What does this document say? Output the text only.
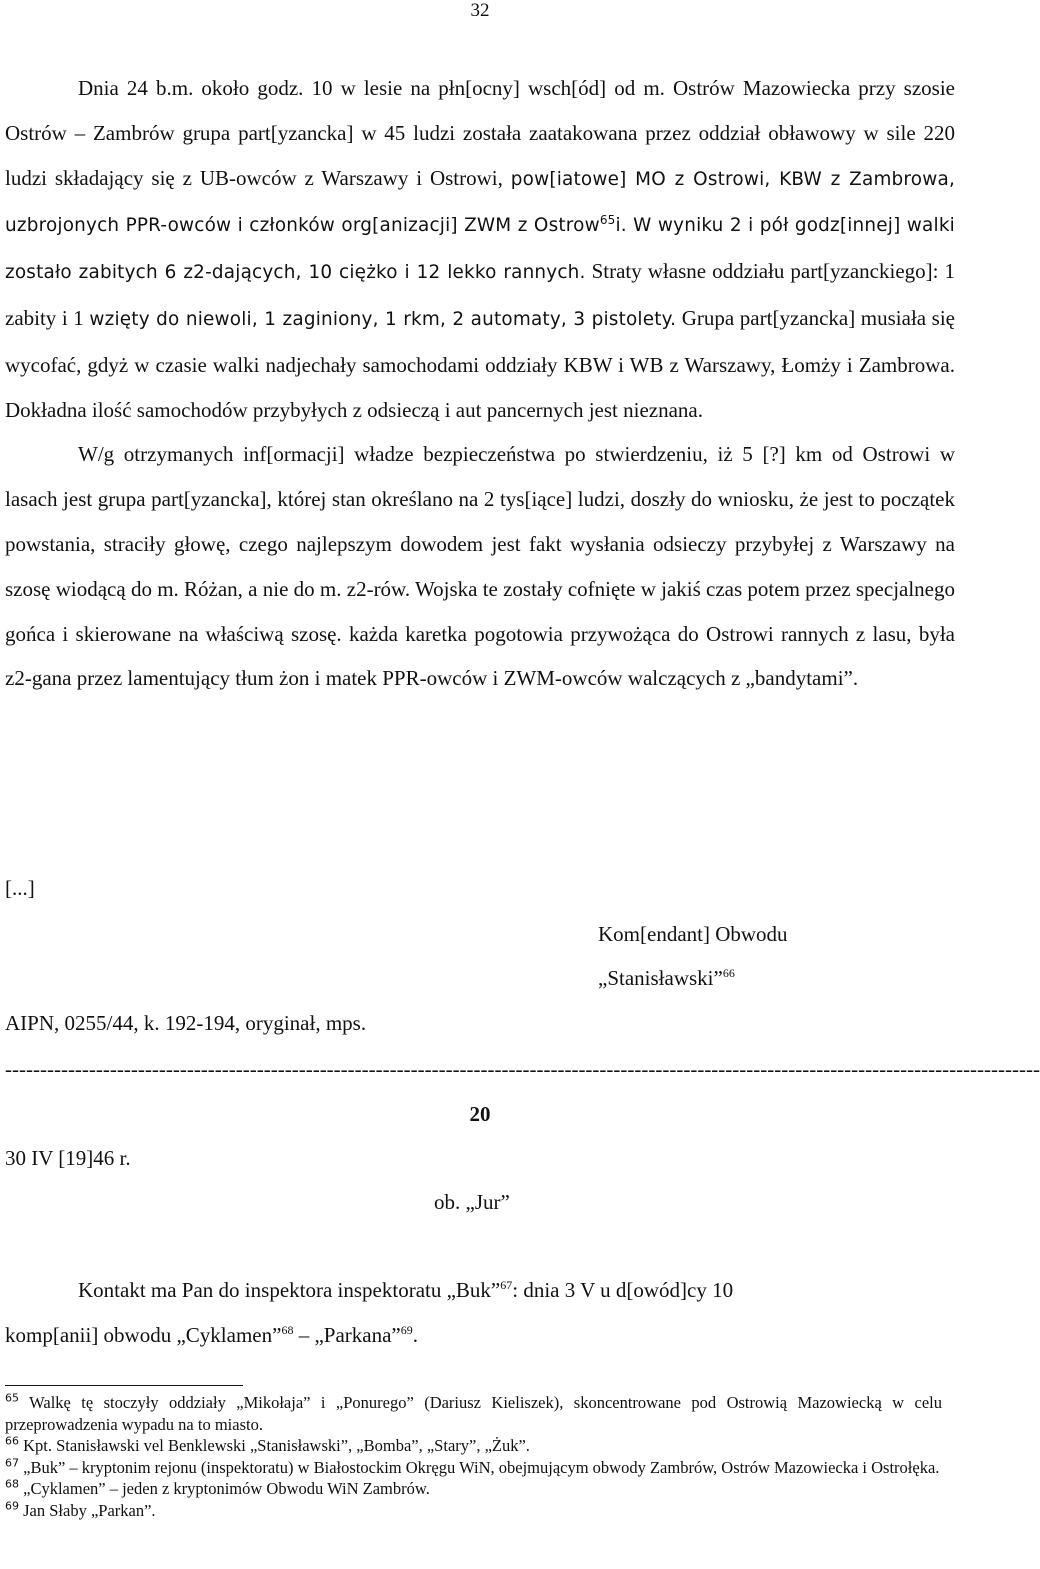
32

Dnia 24 b.m. około godz. 10 w lesie na płn[ocny] wsch[ód] od m. Ostrów Mazowiecka przy szosie Ostrów – Zambrów grupa part[yzancka] w 45 ludzi została zaatakowana przez oddział obławowy w sile 220 ludzi składający się z UB-owców z Warszawy i Ostrowi, pow[iatowe] MO z Ostrowi, KBW z Zambrowa, uzbrojonych PPR-owców i członków org[anizacji] ZWM z Ostrow$^{65}$i. W wyniku 2 i pół godz[innej] walki zostało zabitych 6 z2-dających, 10 ciężko i 12 lekko rannych. Straty własne oddziału part[yzanckiego]: 1 zabity i 1 wzięty do niewoli, 1 zaginiony, 1 rkm, 2 automaty, 3 pistolety. Grupa part[yzancka] musiała się wycofać, gdyż w czasie walki nadjechały samochodami oddziały KBW i WB z Warszawy, Łomży i Zambrowa. Dokładna ilość samochodów przybyłych z odsieczą i aut pancernych jest nieznana.

W/g otrzymanych inf[ormacji] władze bezpieczeństwa po stwierdzeniu, iż 5 [?] km od Ostrowi w lasach jest grupa part[yzancka], której stan określano na 2 tys[iące] ludzi, doszły do wniosku, że jest to początek powstania, straciły głowę, czego najlepszym dowodem jest fakt wysłania odsieczy przybyłej z Warszawy na szosę wiodącą do m. Różan, a nie do m. z2-rów. Wojska te zostały cofnięte w jakiś czas potem przez specjalnego gońca i skierowane na właściwą szosę. każda karetka pogotowia przywożąca do Ostrowi rannych z lasu, była z2-gana przez lamentujący tłum żon i matek PPR-owców i ZWM-owców walczących z „bandytami”.

[...]
Kom[endant] Obwodu
„Stanisławski”$^{66}$
AIPN, 0255/44, k. 192-194, oryginał, mps.
----------------------------------------------------------------------------------------------------------------------------------------------------
20
30 IV [19]46 r.
ob. „Jur”
Kontakt ma Pan do inspektora inspektoratu „Buk”$^{67}$: dnia 3 V u d[owód]cy 10
komp[anii] obwodu „Cyklamen”$^{68}$ – „Parkana”$^{69}$.

$^{65}$ Walkę tę stoczyły oddziały „Mikołaja” i „Ponurego” (Dariusz Kieliszek), skoncentrowane pod Ostrowią Mazowiecką w celu przeprowadzenia wypadu na to miasto.

$^{66}$ Kpt. Stanisławski vel Benklewski „Stanisławski”, „Bomba”, „Stary”, „Żuk”.

$^{67}$ „Buk” – kryptonim rejonu (inspektoratu) w Białostockim Okręgu WiN, obejmującym obwody Zambrów, Ostrów Mazowiecka i Ostrołęka.

$^{68}$ „Cyklamen” – jeden z kryptonimów Obwodu WiN Zambrów.

$^{69}$ Jan Słaby „Parkan”.
